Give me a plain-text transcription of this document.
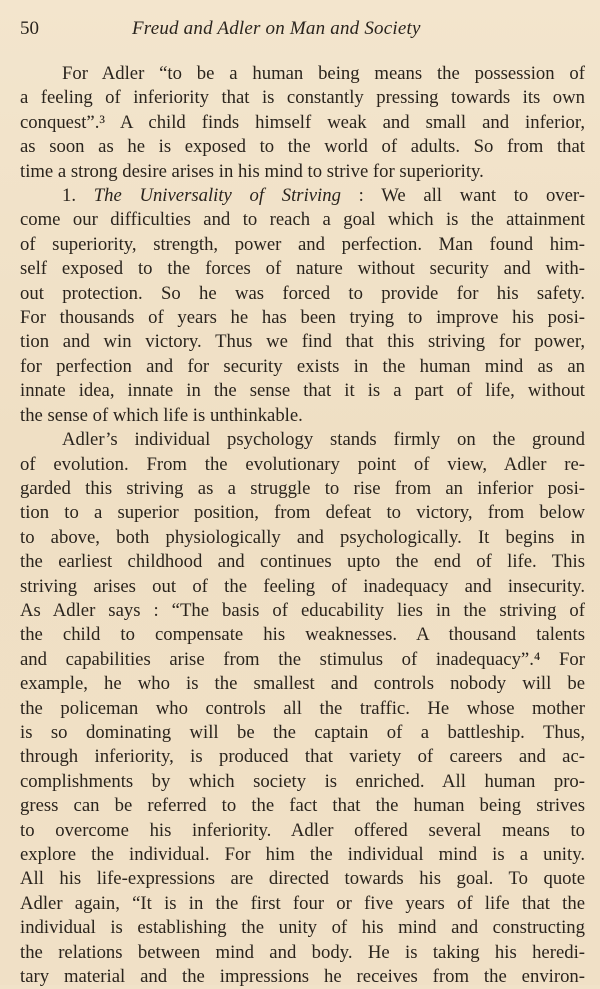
50	Freud and Adler on Man and Society

For Adler “to be a human being means the possession of

a feeling of inferiority that is constantly pressing towards its own

conquest”.³ A child finds himself weak and small and inferior,

as soon as he is exposed to the world of adults. So from that

time a strong desire arises in his mind to strive for superiority.

1. The Universality of Striving : We all want to over-

come our difficulties and to reach a goal which is the attainment

of superiority, strength, power and perfection. Man found him-

self exposed to the forces of nature without security and with-

out protection. So he was forced to provide for his safety.

For thousands of years he has been trying to improve his posi-

tion and win victory. Thus we find that this striving for power,

for perfection and for security exists in the human mind as an

innate idea, innate in the sense that it is a part of life, without

the sense of which life is unthinkable.

Adler’s individual psychology stands firmly on the ground

of evolution. From the evolutionary point of view, Adler re-

garded this striving as a struggle to rise from an inferior posi-

tion to a superior position, from defeat to victory, from below

to above, both physiologically and psychologically. It begins in

the earliest childhood and continues upto the end of life. This

striving arises out of the feeling of inadequacy and insecurity.

As Adler says : “The basis of educability lies in the striving of

the child to compensate his weaknesses. A thousand talents

and capabilities arise from the stimulus of inadequacy”.⁴ For

example, he who is the smallest and controls nobody will be

the policeman who controls all the traffic. He whose mother

is so dominating will be the captain of a battleship. Thus,

through inferiority, is produced that variety of careers and ac-

complishments by which society is enriched. All human pro-

gress can be referred to the fact that the human being strives

to overcome his inferiority. Adler offered several means to

explore the individual. For him the individual mind is a unity.

All his life-expressions are directed towards his goal. To quote

Adler again, “It is in the first four or five years of life that the

individual is establishing the unity of his mind and constructing

the relations between mind and body. He is taking his heredi-

tary material and the impressions he receives from the environ-
